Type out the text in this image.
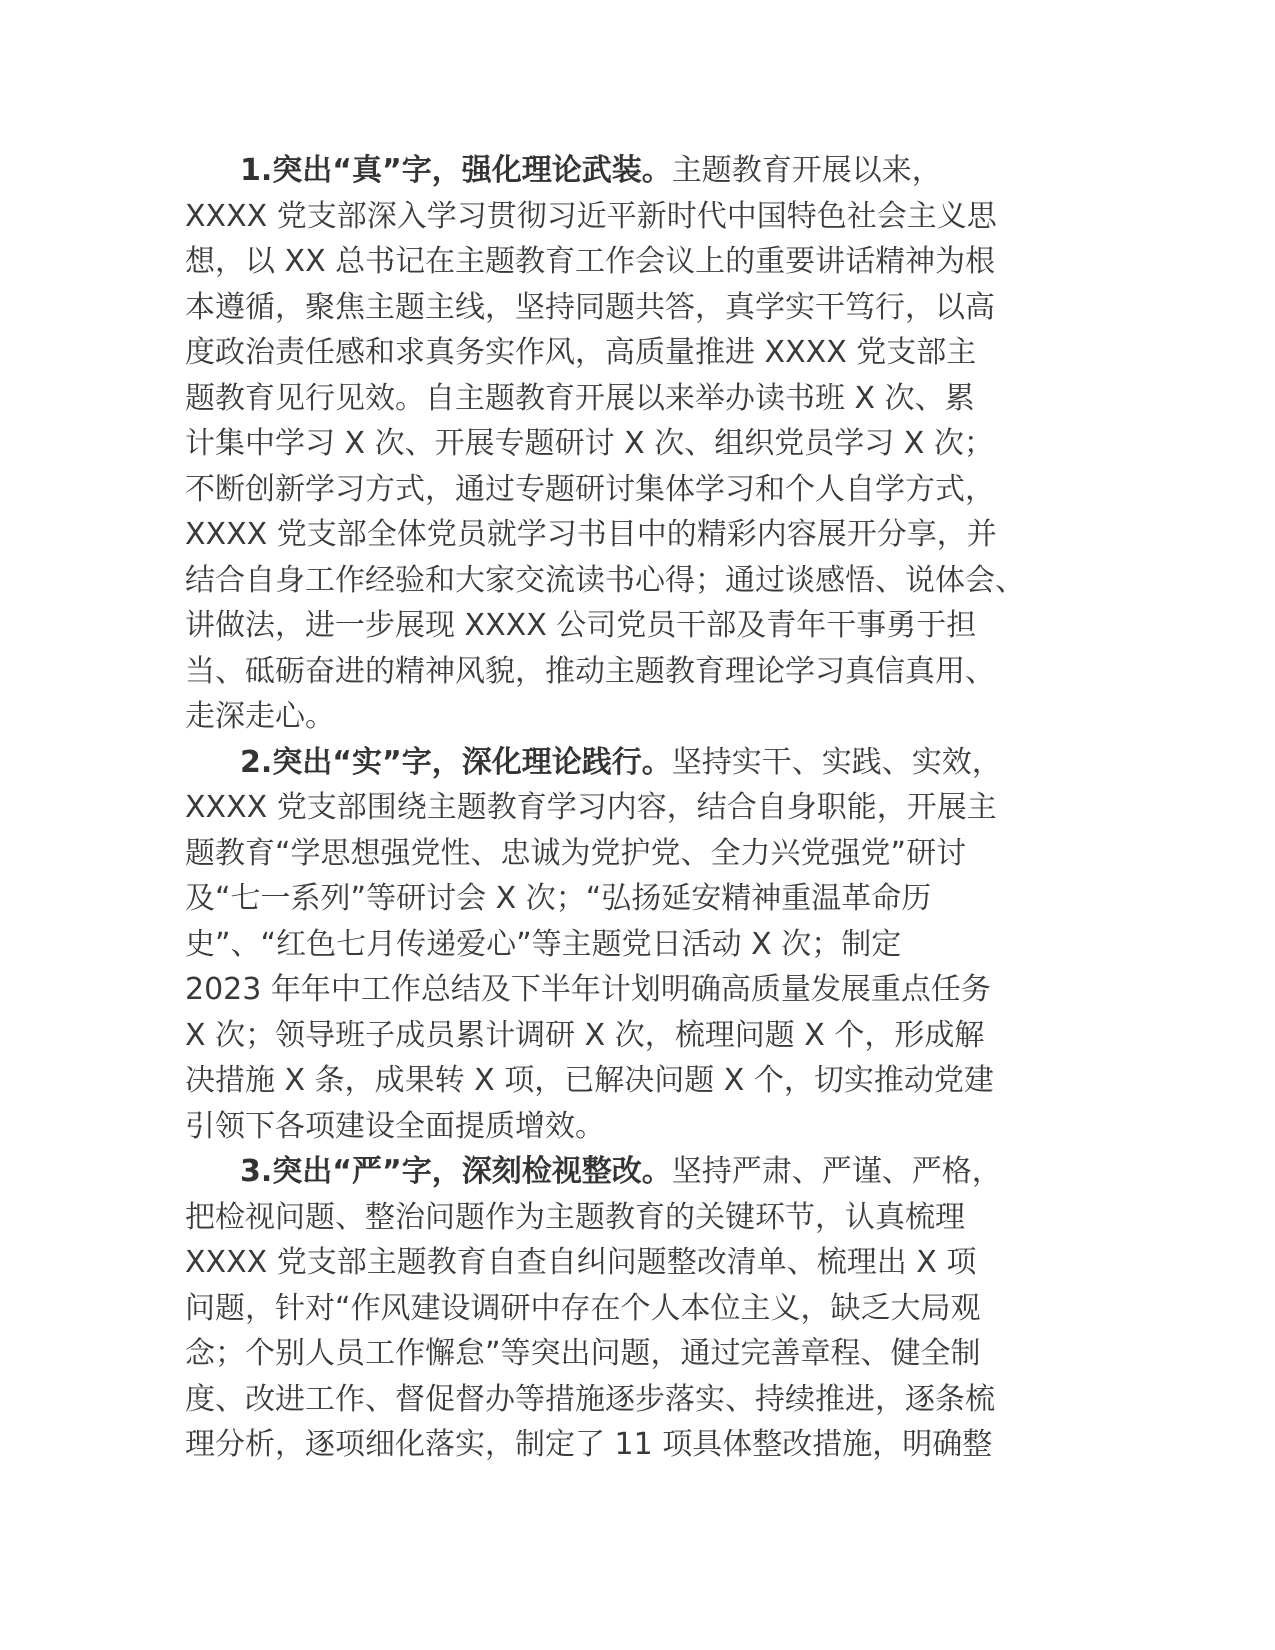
1.突出“真”字，强化理论武装。主题教育开展以来，
XXXX 党支部深入学习贯彻习近平新时代中国特色社会主义思
想，以 XX 总书记在主题教育工作会议上的重要讲话精神为根
本遵循，聚焦主题主线，坚持同题共答，真学实干笃行，以高
度政治责任感和求真务实作风，高质量推进 XXXX 党支部主
题教育见行见效。自主题教育开展以来举办读书班 X 次、累
计集中学习 X 次、开展专题研讨 X 次、组织党员学习 X 次；
不断创新学习方式，通过专题研讨集体学习和个人自学方式，
XXXX 党支部全体党员就学习书目中的精彩内容展开分享，并
结合自身工作经验和大家交流读书心得；通过谈感悟、说体会、
讲做法，进一步展现 XXXX 公司党员干部及青年干事勇于担
当、砥砺奋进的精神风貌，推动主题教育理论学习真信真用、
走深走心。
2.突出“实”字，深化理论践行。坚持实干、实践、实效，
XXXX 党支部围绕主题教育学习内容，结合自身职能，开展主
题教育“学思想强党性、忠诚为党护党、全力兴党强党”研讨
及“七一系列”等研讨会 X 次；“弘扬延安精神重温革命历
史”、“红色七月传递爱心”等主题党日活动 X 次；制定
2023 年年中工作总结及下半年计划明确高质量发展重点任务
X 次；领导班子成员累计调研 X 次，梳理问题 X 个，形成解
决措施 X 条，成果转 X 项，已解决问题 X 个，切实推动党建
引领下各项建设全面提质增效。
3.突出“严”字，深刻检视整改。坚持严肃、严谨、严格，
把检视问题、整治问题作为主题教育的关键环节，认真梳理
XXXX 党支部主题教育自查自纠问题整改清单、梳理出 X 项
问题，针对“作风建设调研中存在个人本位主义，缺乏大局观
念；个别人员工作懈怠”等突出问题，通过完善章程、健全制
度、改进工作、督促督办等措施逐步落实、持续推进，逐条梳
理分析，逐项细化落实，制定了 11 项具体整改措施，明确整
